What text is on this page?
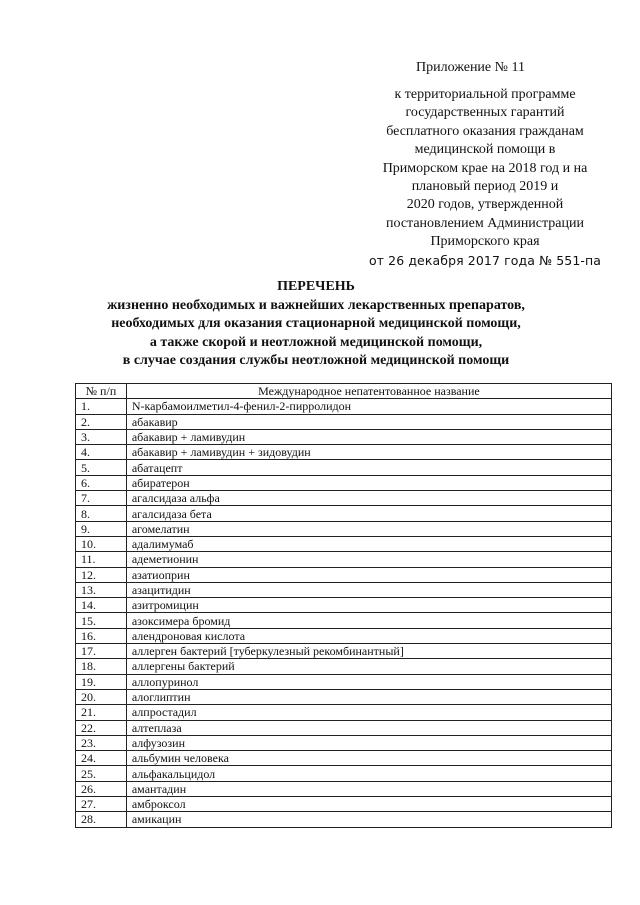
Приложение № 11
к территориальной программе
государственных гарантий
бесплатного оказания гражданам
медицинской помощи в
Приморском крае на 2018 год и на
плановый период 2019 и
2020 годов, утвержденной
постановлением Администрации
Приморского края
от 26 декабря 2017 года № 551-па
ПЕРЕЧЕНЬ
жизненно необходимых и важнейших лекарственных препаратов,
необходимых для оказания стационарной медицинской помощи,
а также скорой и неотложной медицинской помощи,
в случае создания службы неотложной медицинской помощи
№ п/п	Международное непатентованное название
1.	N-карбамоилметил-4-фенил-2-пирролидон
2.	абакавир
3.	абакавир + ламивудин
4.	абакавир + ламивудин + зидовудин
5.	абатацепт
6.	абиратерон
7.	агалсидаза альфа
8.	агалсидаза бета
9.	агомелатин
10.	адалимумаб
11.	адеметионин
12.	азатиоприн
13.	азацитидин
14.	азитромицин
15.	азоксимера бромид
16.	алендроновая кислота
17.	аллерген бактерий [туберкулезный рекомбинантный]
18.	аллергены бактерий
19.	аллопуринол
20.	алоглиптин
21.	алпростадил
22.	алтеплаза
23.	алфузозин
24.	альбумин человека
25.	альфакальцидол
26.	амантадин
27.	амброксол
28.	амикацин
